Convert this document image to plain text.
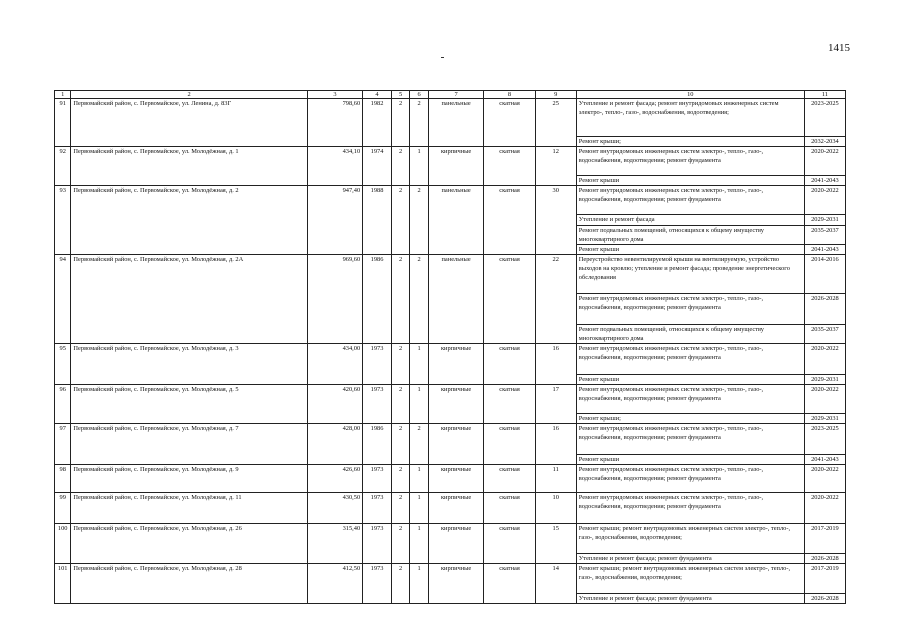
1415
1	2	3	4	5	6	7	8	9	10	11
91	Первомайский район, с. Первомайское, ул. Ленина, д. 83Г	798,60	1982	2	2	панельные	скатная	25	Утепление и ремонт фасада; ремонт внутридомовых инженерных систем электро-, тепло-, газо-, водоснабжения, водоотведения;	2023-2025
									Ремонт крыши;	2032-2034
92	Первомайский район, с. Первомайское, ул. Молодёжная, д. 1	434,10	1974	2	1	кирпичные	скатная	12	Ремонт внутридомовых инженерных систем электро-, тепло-, газо-, водоснабжения, водоотведения; ремонт фундамента	2020-2022
									Ремонт крыши	2041-2043
93	Первомайский район, с. Первомайское, ул. Молодёжная, д. 2	947,40	1988	2	2	панельные	скатная	30	Ремонт внутридомовых инженерных систем электро-, тепло-, газо-, водоснабжения, водоотведения; ремонт фундамента	2020-2022
									Утепление и ремонт фасада	2029-2031
									Ремонт подвальных помещений, относящихся к общему имуществу многоквартирного дома	2035-2037
									Ремонт крыши	2041-2043
94	Первомайский район, с. Первомайское, ул. Молодёжная, д. 2А	969,60	1986	2	2	панельные	скатная	22	Переустройство невентилируемой крыши на вентилируемую, устройство выходов на кровлю; утепление и ремонт фасада; проведение энергетического обследования	2014-2016
									Ремонт внутридомовых инженерных систем электро-, тепло-, газо-, водоснабжения, водоотведения; ремонт фундамента	2026-2028
									Ремонт подвальных помещений, относящихся к общему имуществу многоквартирного дома	2035-2037
95	Первомайский район, с. Первомайское, ул. Молодёжная, д. 3	434,00	1973	2	1	кирпичные	скатная	16	Ремонт внутридомовых инженерных систем электро-, тепло-, газо-, водоснабжения, водоотведения; ремонт фундамента	2020-2022
									Ремонт крыши	2029-2031
96	Первомайский район, с. Первомайское, ул. Молодёжная, д. 5	420,60	1973	2	1	кирпичные	скатная	17	Ремонт внутридомовых инженерных систем электро-, тепло-, газо-, водоснабжения, водоотведения; ремонт фундамента	2020-2022
									Ремонт крыши;	2029-2031
97	Первомайский район, с. Первомайское, ул. Молодёжная, д. 7	428,00	1986	2	2	кирпичные	скатная	16	Ремонт внутридомовых инженерных систем электро-, тепло-, газо-, водоснабжения, водоотведения; ремонт фундамента	2023-2025
									Ремонт крыши	2041-2043
98	Первомайский район, с. Первомайское, ул. Молодёжная, д. 9	426,60	1973	2	1	кирпичные	скатная	11	Ремонт внутридомовых инженерных систем электро-, тепло-, газо-, водоснабжения, водоотведения; ремонт фундамента	2020-2022
99	Первомайский район, с. Первомайское, ул. Молодёжная, д. 11	430,50	1973	2	1	кирпичные	скатная	10	Ремонт внутридомовых инженерных систем электро-, тепло-, газо-, водоснабжения, водоотведения; ремонт фундамента	2020-2022
100	Первомайский район, с. Первомайское, ул. Молодёжная, д. 26	315,40	1973	2	1	кирпичные	скатная	15	Ремонт крыши; ремонт внутридомовых инженерных систем электро-, тепло-, газо-, водоснабжения, водоотведения;	2017-2019
									Утепление и ремонт фасада; ремонт фундамента	2026-2028
101	Первомайский район, с. Первомайское, ул. Молодёжная, д. 28	412,50	1973	2	1	кирпичные	скатная	14	Ремонт крыши; ремонт внутридомовых инженерных систем электро-, тепло-, газо-, водоснабжения, водоотведения;	2017-2019
									Утепление и ремонт фасада; ремонт фундамента	2026-2028
